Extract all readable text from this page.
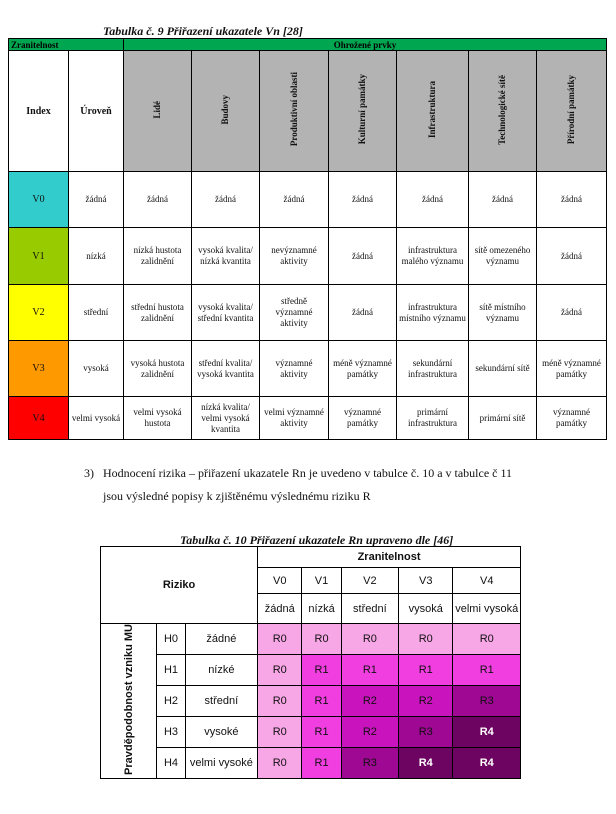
Tabulka č. 9 Přiřazení ukazatele Vn [28]
Zranitelnost		Ohrožené prvky						
Index	Úroveň	Lidé	Budovy	Produktivní oblasti	Kulturní památky	Infrastruktura	Technologické sítě	Přírodní památky
V0	žádná	žádná	žádná	žádná	žádná	žádná	žádná	žádná
V1	nízká	nízká hustota zalidnění	vysoká kvalita/ nízká kvantita	nevýznamné aktivity	žádná	infrastruktura malého významu	sítě omezeného významu	žádná
V2	střední	střední hustota zalidnění	vysoká kvalita/ střední kvantita	středně významné aktivity	žádná	infrastruktura místního významu	sítě místního významu	žádná
V3	vysoká	vysoká hustota zalidnění	střední kvalita/ vysoká kvantita	významné aktivity	méně významné památky	sekundární infrastruktura	sekundární sítě	méně významné památky
V4	velmi vysoká	velmi vysoká hustota	nízká kvalita/ velmi vysoká kvantita	velmi významné aktivity	významné památky	primární infrastruktura	primární sítě	významné památky
3) Hodnocení rizika – přiřazení ukazatele Rn je uvedeno v tabulce č. 10 a v tabulce č 11
jsou výsledné popisy k zjištěnému výslednému riziku R
Tabulka č. 10 Přiřazení ukazatele Rn upraveno dle [46]
Riziko			Zranitelnost				
			V0	V1	V2	V3	V4
			žádná	nízká	střední	vysoká	velmi vysoká
Pravděpodobnost vzniku MU	H0	žádné	R0	R0	R0	R0	R0
	H1	nízké	R0	R1	R1	R1	R1
	H2	střední	R0	R1	R2	R2	R3
	H3	vysoké	R0	R1	R2	R3	R4
	H4	velmi vysoké	R0	R1	R3	R4	R4
